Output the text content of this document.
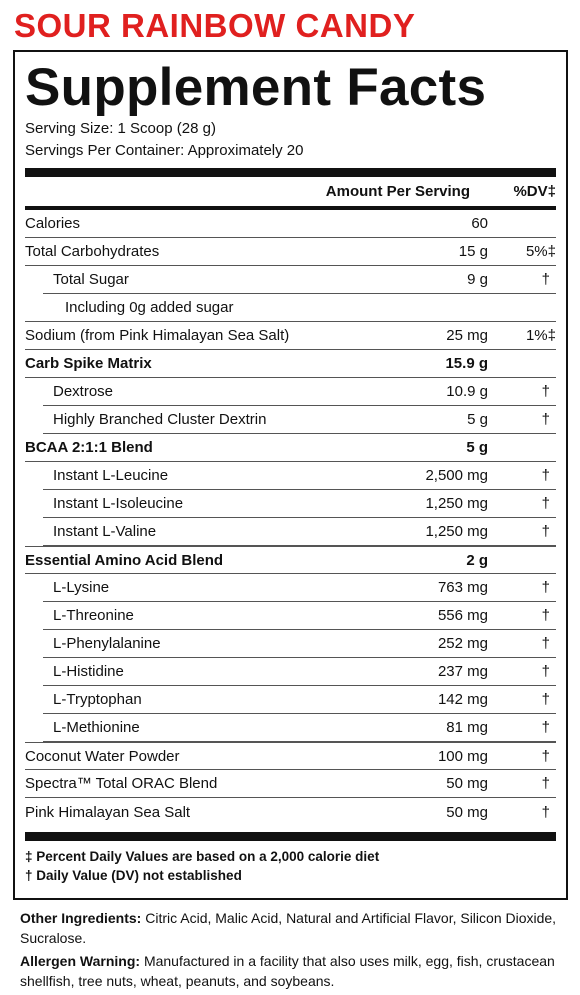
SOUR RAINBOW CANDY
Supplement Facts
Serving Size: 1 Scoop (28 g)
Servings Per Container: Approximately 20
Amount Per Serving	%DV‡
Calories	60
Total Carbohydrates	15 g	5%‡
Total Sugar	9 g	†
Including 0g added sugar
Sodium (from Pink Himalayan Sea Salt)	25 mg	1%‡
Carb Spike Matrix	15.9 g
Dextrose	10.9 g	†
Highly Branched Cluster Dextrin	5 g	†
BCAA 2:1:1 Blend	5 g
Instant L-Leucine	2,500 mg	†
Instant L-Isoleucine	1,250 mg	†
Instant L-Valine	1,250 mg	†
Essential Amino Acid Blend	2 g
L-Lysine	763 mg	†
L-Threonine	556 mg	†
L-Phenylalanine	252 mg	†
L-Histidine	237 mg	†
L-Tryptophan	142 mg	†
L-Methionine	81 mg	†
Coconut Water Powder	100 mg	†
Spectra™ Total ORAC Blend	50 mg	†
Pink Himalayan Sea Salt	50 mg	†
‡ Percent Daily Values are based on a 2,000 calorie diet
† Daily Value (DV) not established
Other Ingredients: Citric Acid, Malic Acid, Natural and Artificial Flavor, Silicon Dioxide, Sucralose.
Allergen Warning: Manufactured in a facility that also uses milk, egg, fish, crustacean shellfish, tree nuts, wheat, peanuts, and soybeans.
